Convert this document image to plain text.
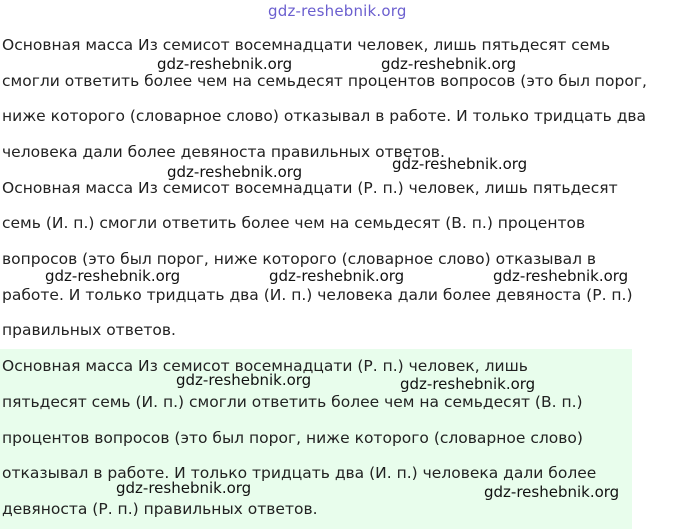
gdz-reshebnik.org

Основная масса Из семисот восемнадцати человек, лишь пятьдесят семь

смогли ответить более чем на семьдесят процентов вопросов (это был порог,

ниже которого (словарное слово) отказывал в работе. И только тридцать два

человека дали более девяноста правильных ответов.

Основная масса Из семисот восемнадцати (Р. п.) человек, лишь пятьдесят

семь (И. п.) смогли ответить более чем на семьдесят (В. п.) процентов

вопросов (это был порог, ниже которого (словарное слово) отказывал в

работе. И только тридцать два (И. п.) человека дали более девяноста (Р. п.)

правильных ответов.

Основная масса Из семисот восемнадцати (Р. п.) человек, лишь

пятьдесят семь (И. п.) смогли ответить более чем на семьдесят (В. п.)

процентов вопросов (это был порог, ниже которого (словарное слово)

отказывал в работе. И только тридцать два (И. п.) человека дали более

девяноста (Р. п.) правильных ответов.

gdz-reshebnik.org	gdz-reshebnik.org
gdz-reshebnik.org
gdz-reshebnik.org
gdz-reshebnik.org	gdz-reshebnik.org	gdz-reshebnik.org
gdz-reshebnik.org	gdz-reshebnik.org
gdz-reshebnik.org	gdz-reshebnik.org
